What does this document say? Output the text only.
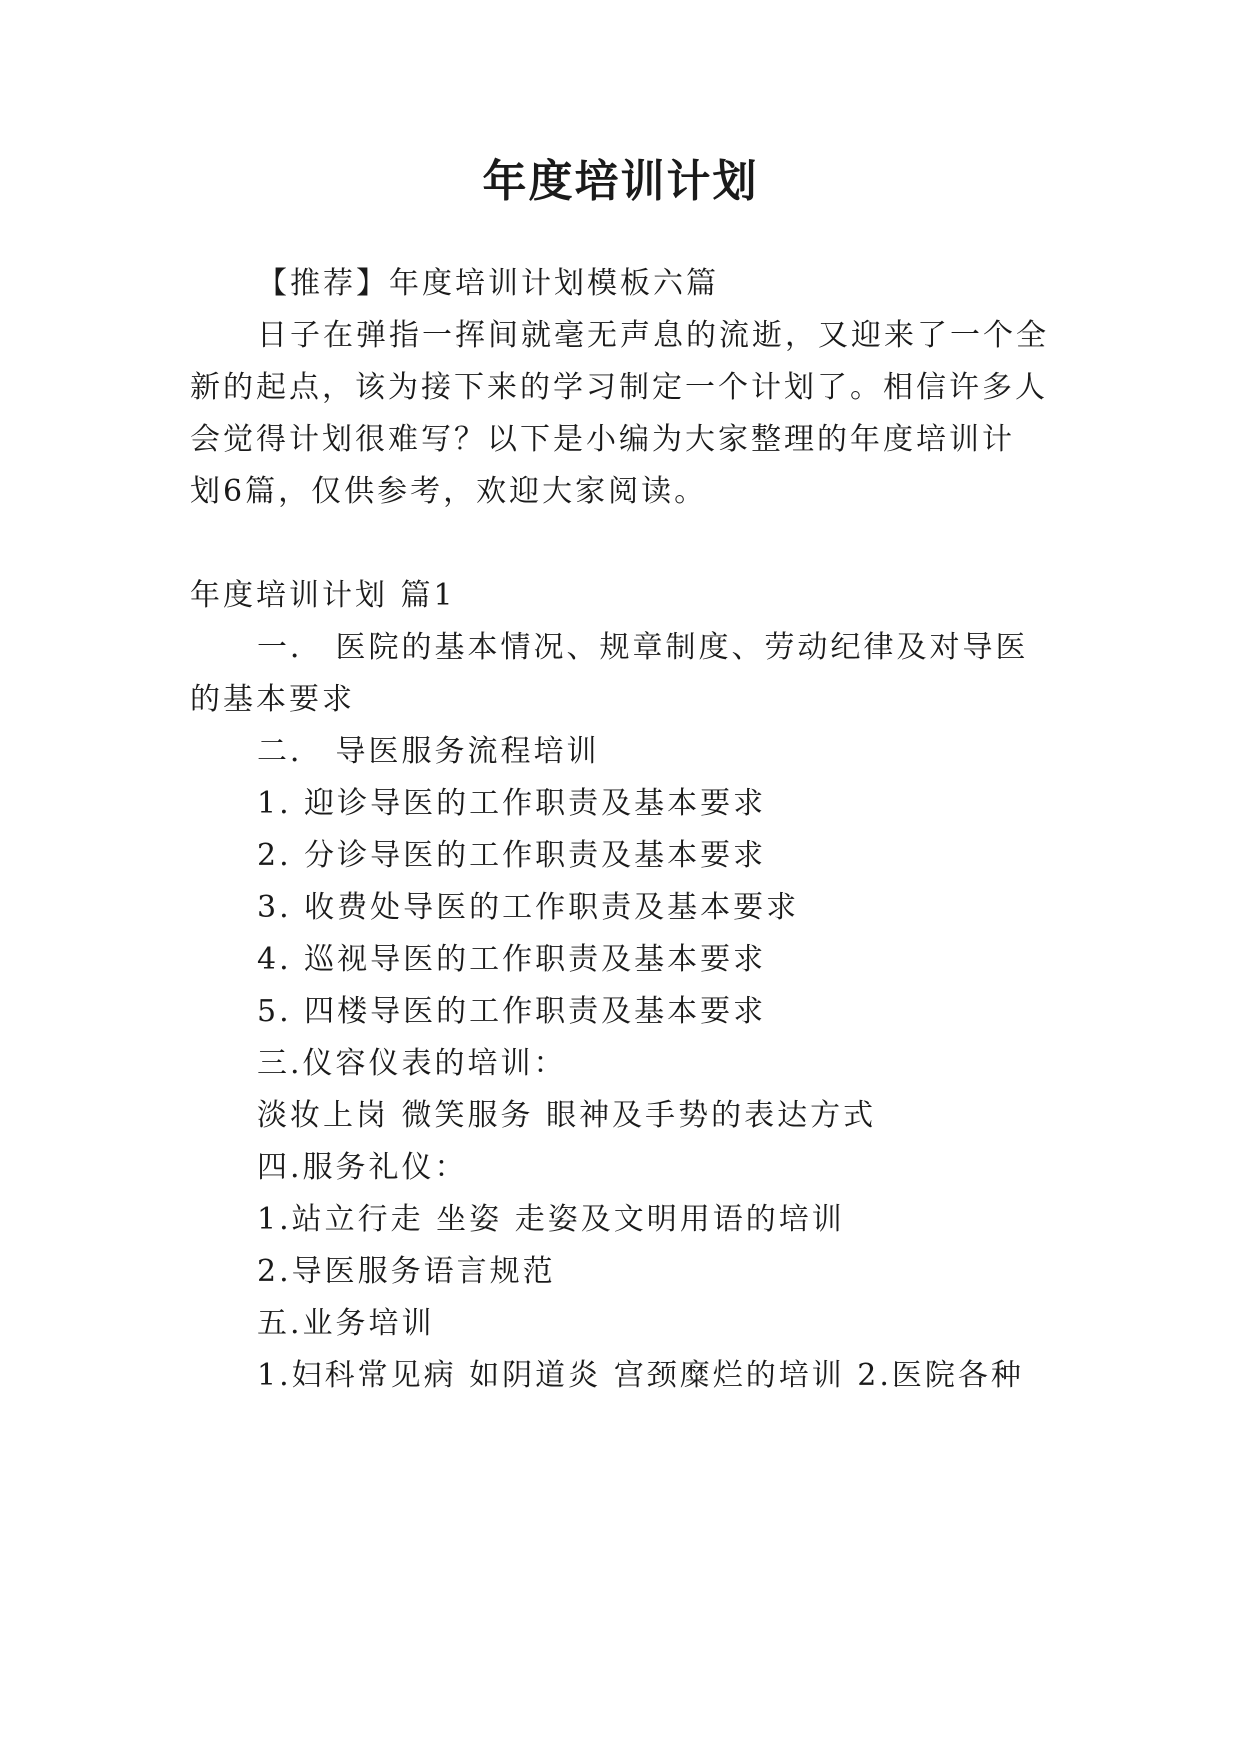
年度培训计划
【推荐】年度培训计划模板六篇
日子在弹指一挥间就毫无声息的流逝，又迎来了一个全
新的起点，该为接下来的学习制定一个计划了。相信许多人
会觉得计划很难写？以下是小编为大家整理的年度培训计
划6篇，仅供参考，欢迎大家阅读。
年度培训计划 篇1
一． 医院的基本情况、规章制度、劳动纪律及对导医
的基本要求
二． 导医服务流程培训
1. 迎诊导医的工作职责及基本要求
2. 分诊导医的工作职责及基本要求
3. 收费处导医的工作职责及基本要求
4. 巡视导医的工作职责及基本要求
5. 四楼导医的工作职责及基本要求
三.仪容仪表的培训：
淡妆上岗 微笑服务 眼神及手势的表达方式
四.服务礼仪：
1.站立行走 坐姿 走姿及文明用语的培训
2.导医服务语言规范
五.业务培训
1.妇科常见病 如阴道炎 宫颈糜烂的培训 2.医院各种
